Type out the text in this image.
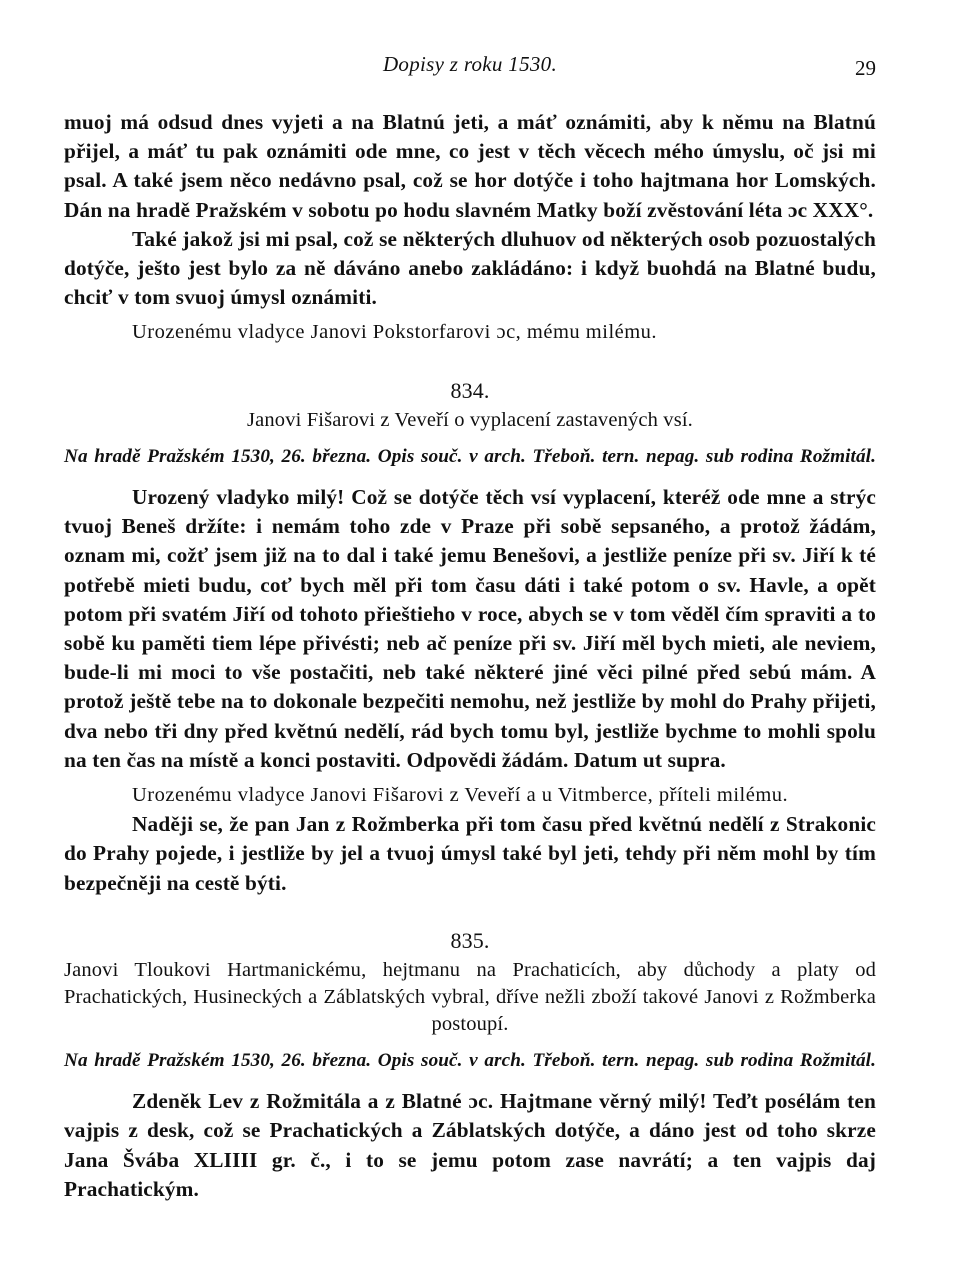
Dopisy z roku 1530.	29

muoj má odsud dnes vyjeti a na Blatnú jeti, a máť oznámiti, aby k němu na Blatnú přijel, a máť tu pak oznámiti ode mne, co jest v těch věcech mého úmyslu, oč jsi mi psal. A také jsem něco nedávno psal, což se hor dotýče i toho hajtmana hor Lomských. Dán na hradě Pražském v sobotu po hodu slavném Matky boží zvěstování léta ɔc XXX°.

Také jakož jsi mi psal, což se některých dluhuov od některých osob pozuostalých dotýče, ješto jest bylo za ně dáváno anebo zakládáno: i když buohdá na Blatné budu, chciť v tom svuoj úmysl oznámiti.

Urozenému vladyce Janovi Pokstorfarovi ɔc, mému milému.

834.
Janovi Fišarovi z Veveří o vyplacení zastavených vsí.
Na hradě Pražském 1530, 26. března. Opis souč. v arch. Třeboň. tern. nepag. sub rodina Rožmitál.

Urozený vladyko milý! Což se dotýče těch vsí vyplacení, kteréž ode mne a strýc tvuoj Beneš držíte: i nemám toho zde v Praze při sobě sepsaného, a protož žádám, oznam mi, cožť jsem již na to dal i také jemu Benešovi, a jestliže peníze při sv. Jiří k té potřebě mieti budu, coť bych měl při tom času dáti i také potom o sv. Havle, a opět potom při svatém Jiří od tohoto přieštieho v roce, abych se v tom věděl čím spraviti a to sobě ku paměti tiem lépe přivésti; neb ač peníze při sv. Jiří měl bych mieti, ale neviem, bude-li mi moci to vše postačiti, neb také některé jiné věci pilné před sebú mám. A protož ještě tebe na to dokonale bezpečiti nemohu, než jestliže by mohl do Prahy přijeti, dva nebo tři dny před květnú nedělí, rád bych tomu byl, jestliže bychme to mohli spolu na ten čas na místě a konci postaviti. Odpovědi žádám. Datum ut supra.

Urozenému vladyce Janovi Fišarovi z Veveří a u Vitmberce, příteli milému.

Naději se, že pan Jan z Rožmberka při tom času před květnú nedělí z Strakonic do Prahy pojede, i jestliže by jel a tvuoj úmysl také byl jeti, tehdy při něm mohl by tím bezpečněji na cestě býti.

835.
Janovi Tloukovi Hartmanickému, hejtmanu na Prachaticích, aby důchody a platy od Prachatických, Husineckých a Záblatských vybral, dříve nežli zboží takové Janovi z Rožmberka postoupí.
Na hradě Pražském 1530, 26. března. Opis souč. v arch. Třeboň. tern. nepag. sub rodina Rožmitál.

Zdeněk Lev z Rožmitála a z Blatné ɔc. Hajtmane věrný milý! Teďt posélám ten vajpis z desk, což se Prachatických a Záblatských dotýče, a dáno jest od toho skrze Jana Švába XLIIII gr. č., i to se jemu potom zase navrátí; a ten vajpis daj Prachatickým.
